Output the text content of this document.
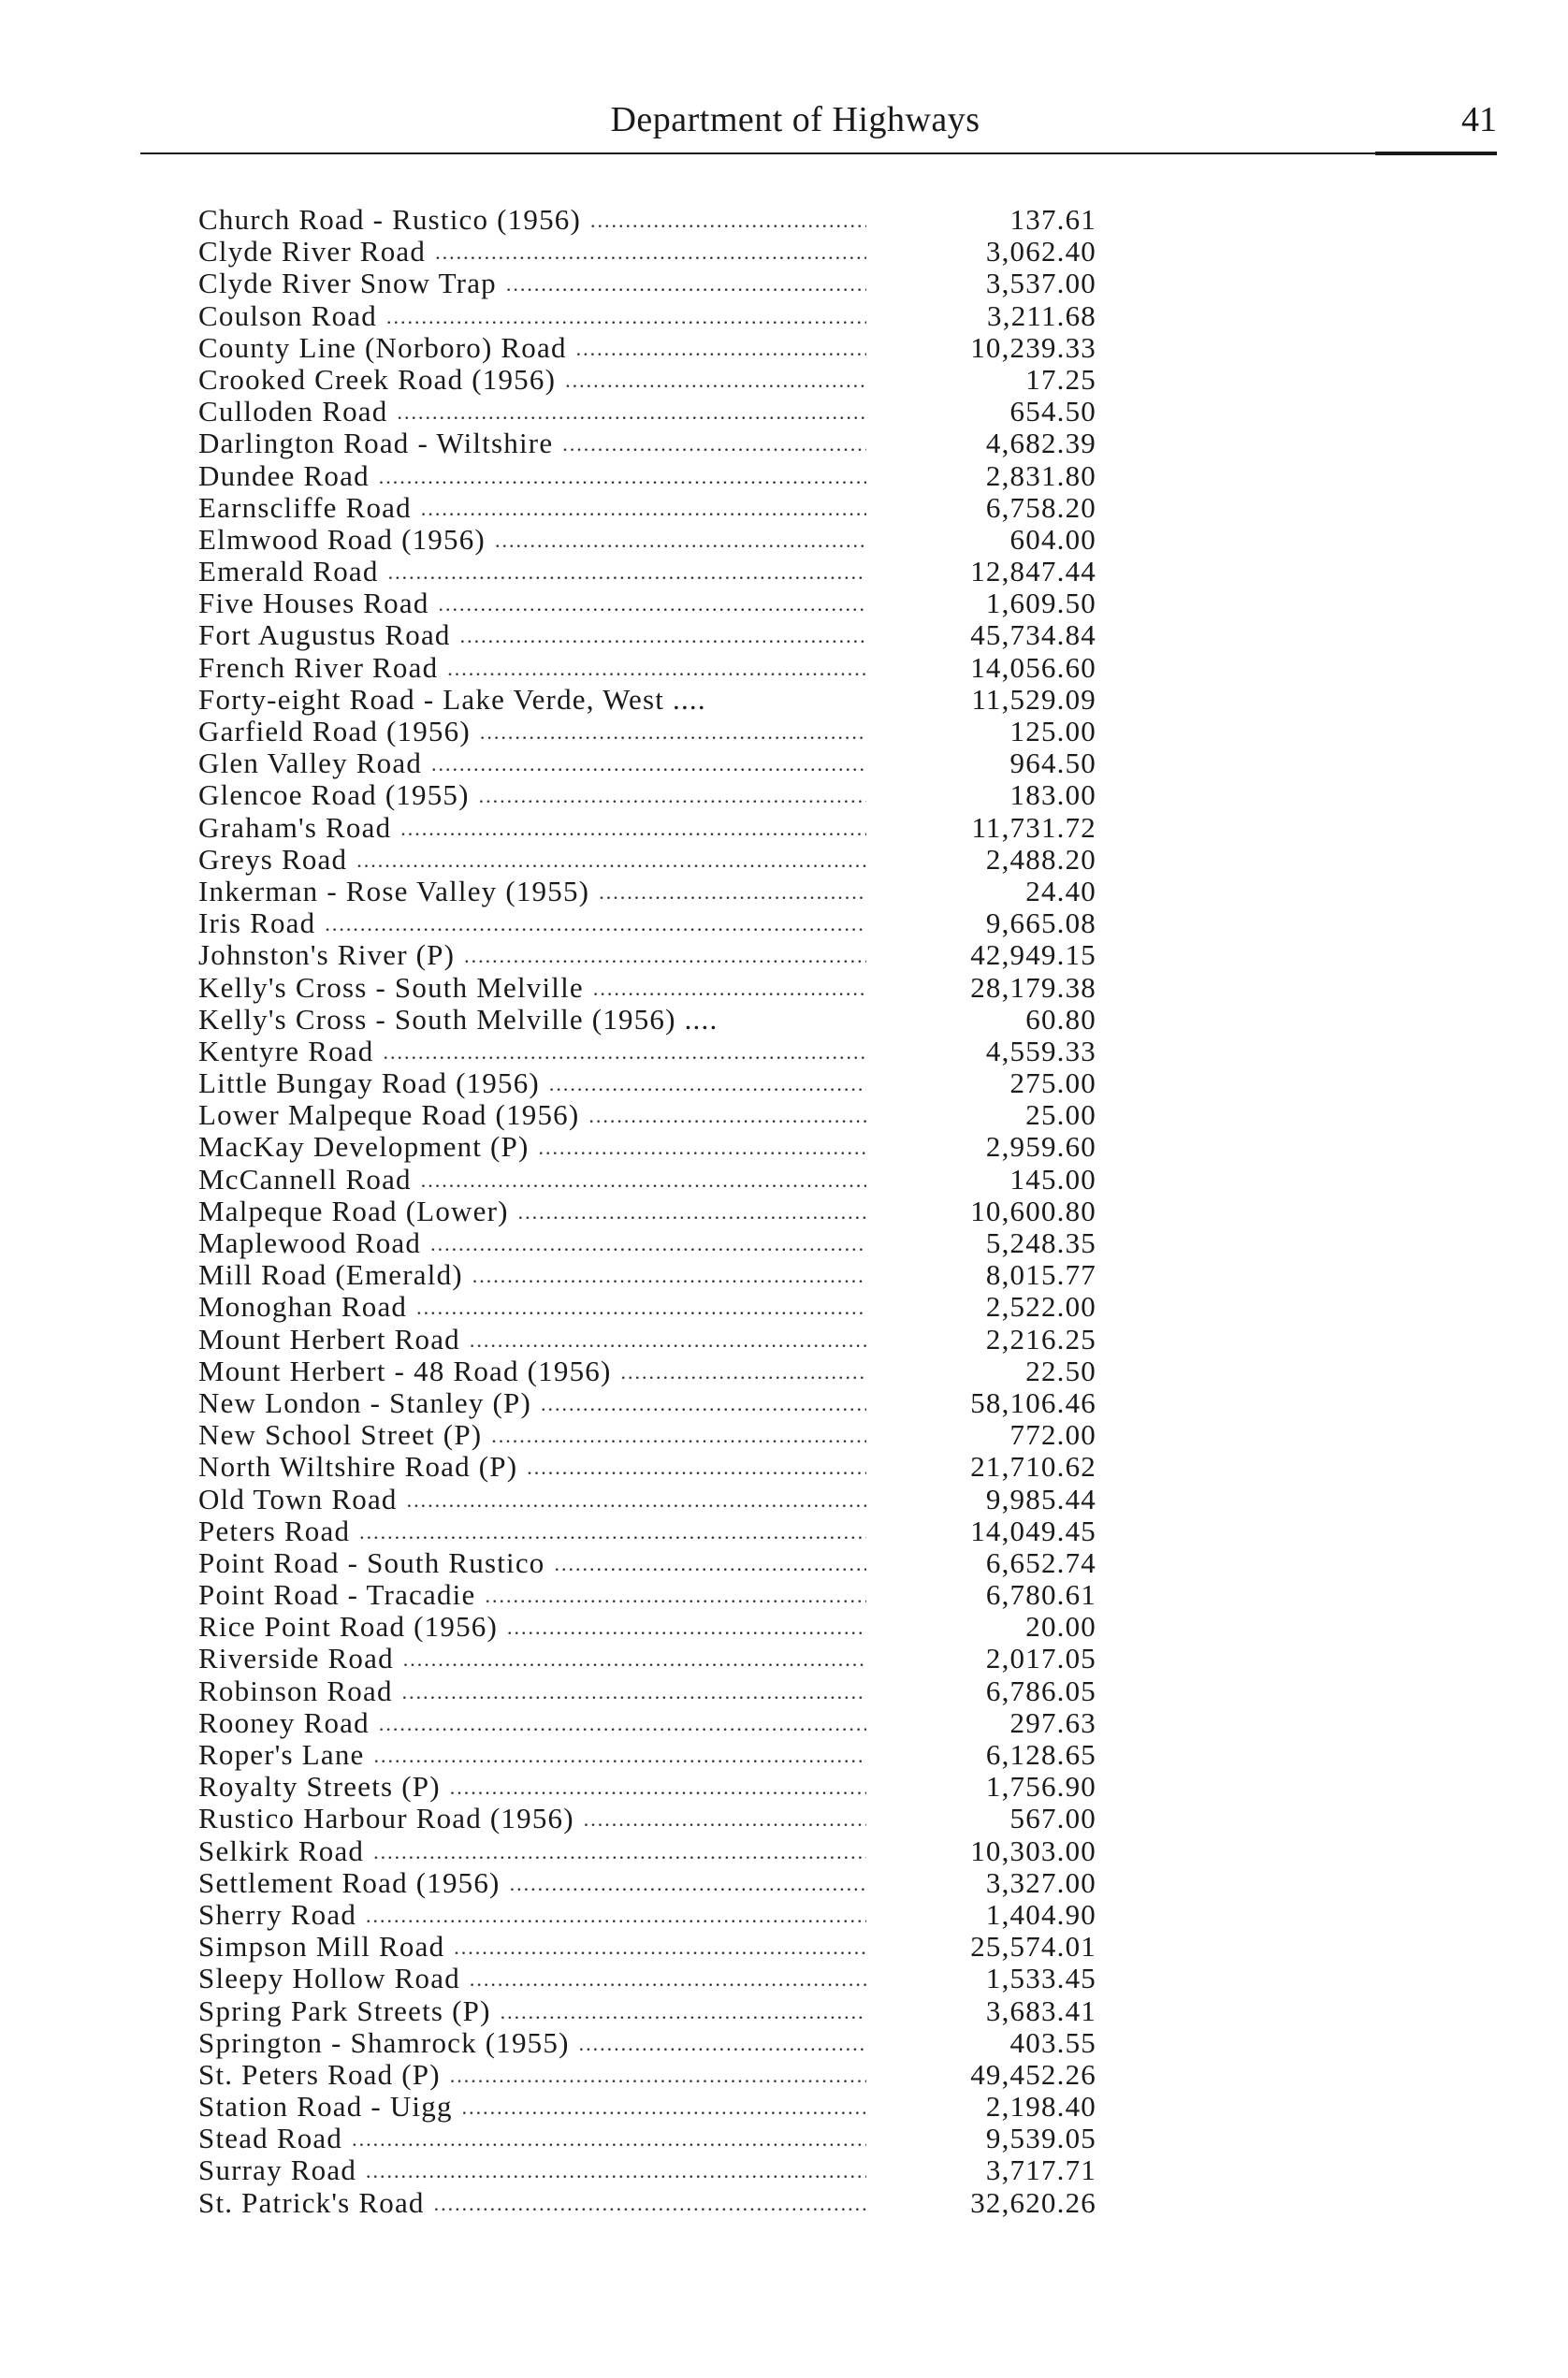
Department of Highways	41
Church Road - Rustico (1956) .....	137.61
Clyde River Road .....	3,062.40
Clyde River Snow Trap .....	3,537.00
Coulson Road .....	3,211.68
County Line (Norboro) Road .....	10,239.33
Crooked Creek Road (1956) .....	17.25
Culloden Road .....	654.50
Darlington Road - Wiltshire .....	4,682.39
Dundee Road .....	2,831.80
Earnscliffe Road .....	6,758.20
Elmwood Road (1956) .....	604.00
Emerald Road .....	12,847.44
Five Houses Road .....	1,609.50
Fort Augustus Road .....	45,734.84
French River Road .....	14,056.60
Forty-eight Road - Lake Verde, West ....	11,529.09
Garfield Road (1956) .....	125.00
Glen Valley Road .....	964.50
Glencoe Road (1955) .....	183.00
Graham's Road .....	11,731.72
Greys Road .....	2,488.20
Inkerman - Rose Valley (1955) .....	24.40
Iris Road .....	9,665.08
Johnston's River (P) .....	42,949.15
Kelly's Cross - South Melville .....	28,179.38
Kelly's Cross - South Melville (1956) ....	60.80
Kentyre Road .....	4,559.33
Little Bungay Road (1956) .....	275.00
Lower Malpeque Road (1956) .....	25.00
MacKay Development (P) .....	2,959.60
McCannell Road .....	145.00
Malpeque Road (Lower) .....	10,600.80
Maplewood Road .....	5,248.35
Mill Road (Emerald) .....	8,015.77
Monoghan Road .....	2,522.00
Mount Herbert Road .....	2,216.25
Mount Herbert - 48 Road (1956) .....	22.50
New London - Stanley (P) .....	58,106.46
New School Street (P) .....	772.00
North Wiltshire Road (P) .....	21,710.62
Old Town Road .....	9,985.44
Peters Road .....	14,049.45
Point Road - South Rustico .....	6,652.74
Point Road - Tracadie .....	6,780.61
Rice Point Road (1956) .....	20.00
Riverside Road .....	2,017.05
Robinson Road .....	6,786.05
Rooney Road .....	297.63
Roper's Lane .....	6,128.65
Royalty Streets (P) .....	1,756.90
Rustico Harbour Road (1956) .....	567.00
Selkirk Road .....	10,303.00
Settlement Road (1956) .....	3,327.00
Sherry Road .....	1,404.90
Simpson Mill Road .....	25,574.01
Sleepy Hollow Road .....	1,533.45
Spring Park Streets (P) .....	3,683.41
Springton - Shamrock (1955) .....	403.55
St. Peters Road (P) .....	49,452.26
Station Road - Uigg .....	2,198.40
Stead Road .....	9,539.05
Surray Road .....	3,717.71
St. Patrick's Road .....	32,620.26
